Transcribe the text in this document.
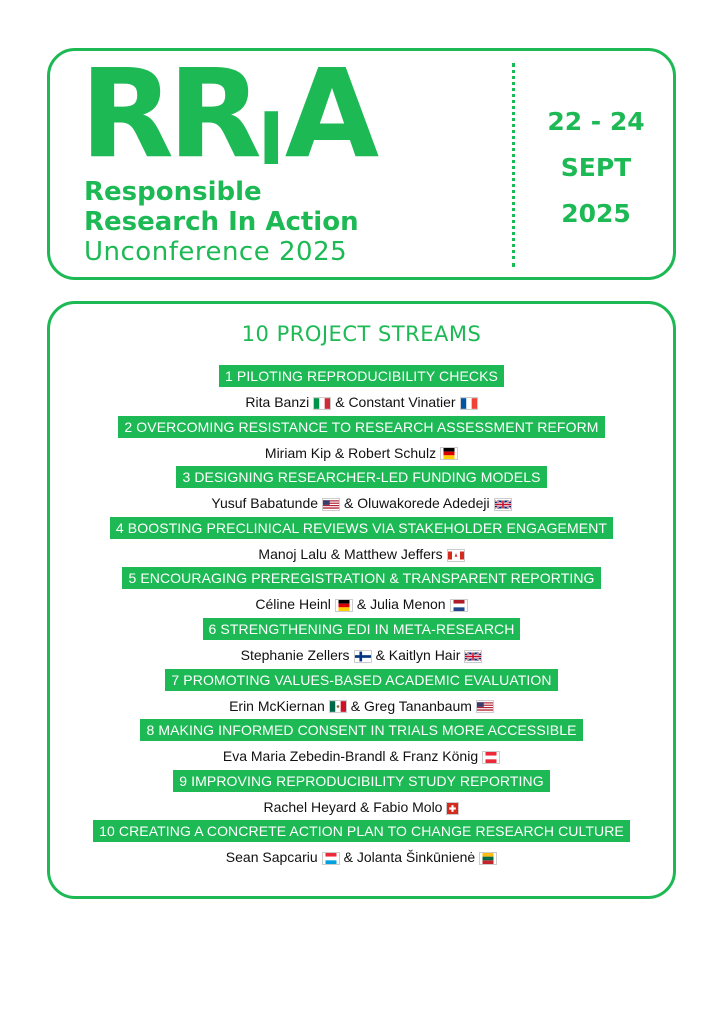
RR I A
Responsible
Research In Action
Unconference 2025
22 - 24
SEPT
2025
10 PROJECT STREAMS
1 PILOTING REPRODUCIBILITY CHECKS
Rita Banzi & Constant Vinatier
2 OVERCOMING RESISTANCE TO RESEARCH ASSESSMENT REFORM
Miriam Kip & Robert Schulz
3 DESIGNING RESEARCHER-LED FUNDING MODELS
Yusuf Babatunde & Oluwakorede Adedeji
4 BOOSTING PRECLINICAL REVIEWS VIA STAKEHOLDER ENGAGEMENT
Manoj Lalu & Matthew Jeffers
5 ENCOURAGING PREREGISTRATION & TRANSPARENT REPORTING
Céline Heinl & Julia Menon
6 STRENGTHENING EDI IN META-RESEARCH
Stephanie Zellers & Kaitlyn Hair
7 PROMOTING VALUES-BASED ACADEMIC EVALUATION
Erin McKiernan & Greg Tananbaum
8 MAKING INFORMED CONSENT IN TRIALS MORE ACCESSIBLE
Eva Maria Zebedin-Brandl & Franz König
9 IMPROVING REPRODUCIBILITY STUDY REPORTING
Rachel Heyard & Fabio Molo
10 CREATING A CONCRETE ACTION PLAN TO CHANGE RESEARCH CULTURE
Sean Sapcariu & Jolanta Šinkūnienė
